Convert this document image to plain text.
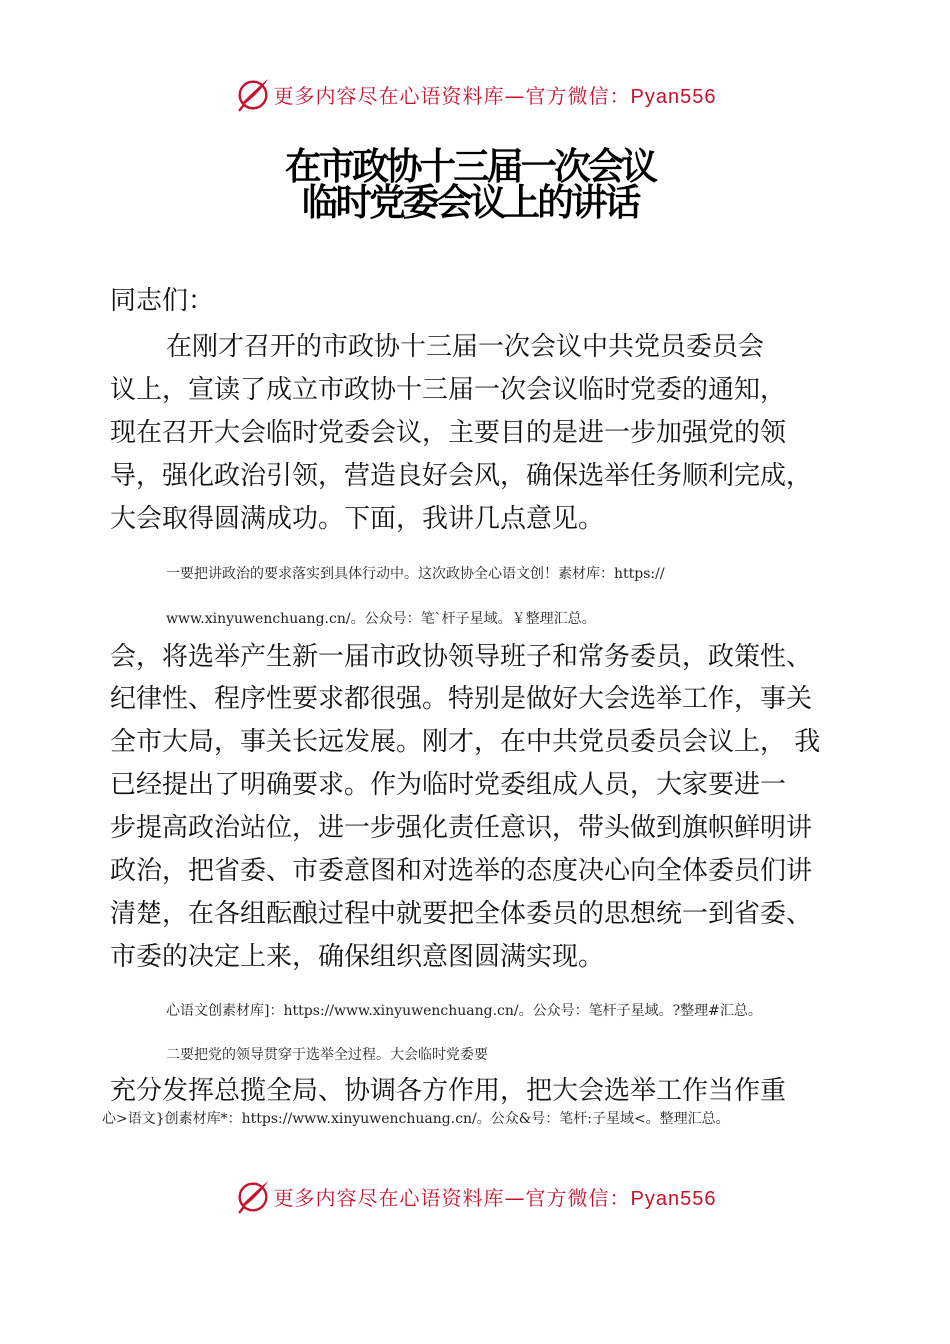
更多内容尽在心语资料库—官方微信：Pyan556
在市政协十三届一次会议
临时党委会议上的讲话
同志们：
在刚才召开的市政协十三届一次会议中共党员委员会
议上，宣读了成立市政协十三届一次会议临时党委的通知，
现在召开大会临时党委会议，主要目的是进一步加强党的领
导，强化政治引领，营造良好会风，确保选举任务顺利完成，
大会取得圆满成功。下面，我讲几点意见。
一要把讲政治的要求落实到具体行动中。这次政协全心语文创！素材库：https://
www.xinyuwenchuang.cn/。公众号：笔`杆子星域。￥整理汇总。
会，将选举产生新一届市政协领导班子和常务委员，政策性、
纪律性、程序性要求都很强。特别是做好大会选举工作，事关
全市大局，事关长远发展。刚才，在中共党员委员会议上， 我
已经提出了明确要求。作为临时党委组成人员，大家要进一
步提高政治站位，进一步强化责任意识，带头做到旗帜鲜明讲
政治，把省委、市委意图和对选举的态度决心向全体委员们讲
清楚，在各组酝酿过程中就要把全体委员的思想统一到省委、
市委的决定上来，确保组织意图圆满实现。
心语文创素材库]：https://www.xinyuwenchuang.cn/。公众号：笔杆子星域。?整理#汇总。
二要把党的领导贯穿于选举全过程。大会临时党委要
充分发挥总揽全局、协调各方作用，把大会选举工作当作重
心>语文}创素材库*：https://www.xinyuwenchuang.cn/。公众&号：笔杆:子星域<。整理汇总。
更多内容尽在心语资料库—官方微信：Pyan556
